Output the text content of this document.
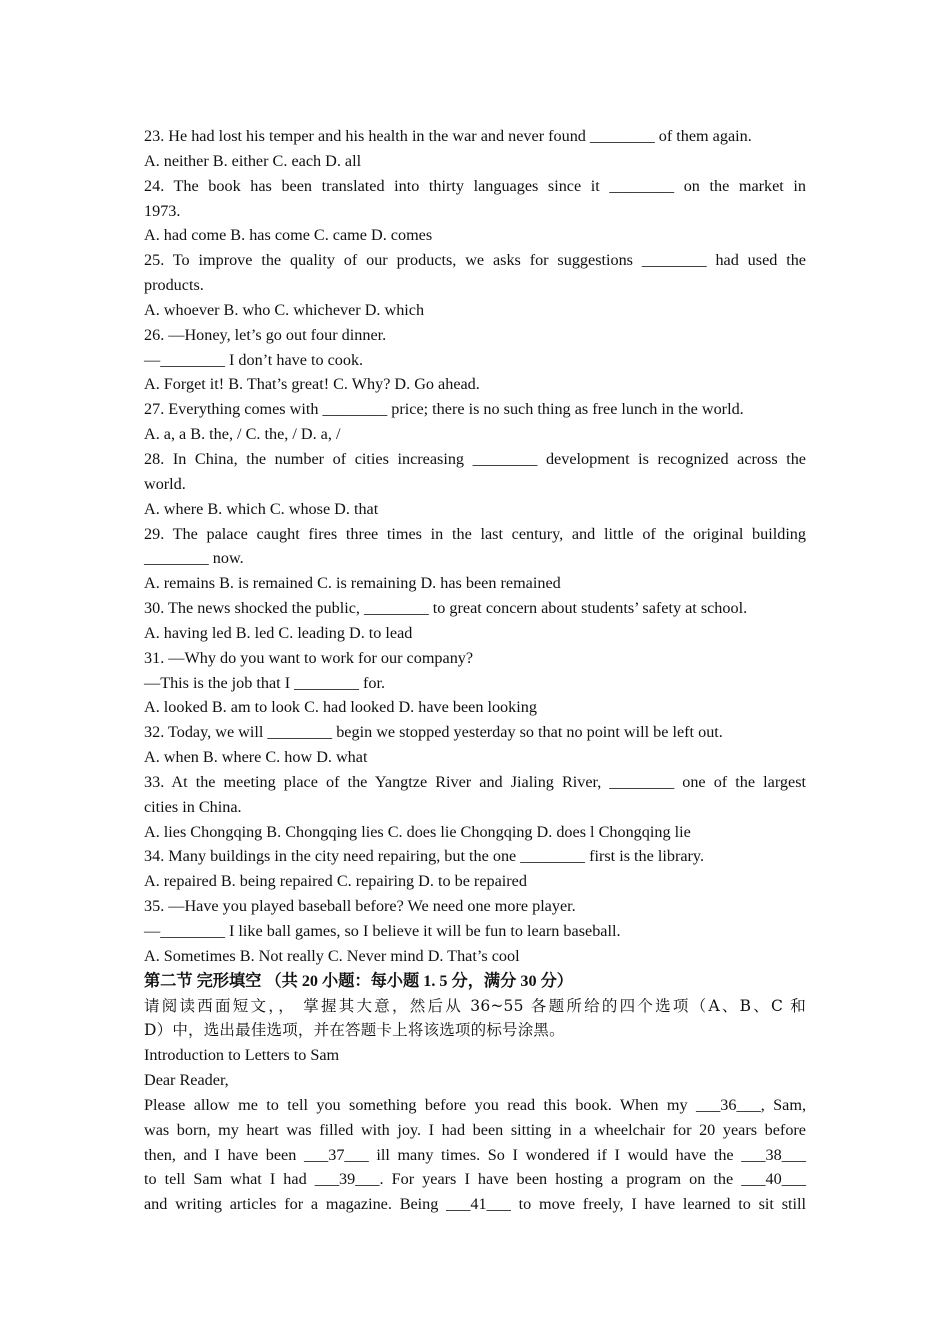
23. He had lost his temper and his health in the war and never found ________ of them again.
A. neither B. either C. each D. all
24. The book has been translated into thirty languages since it ________ on the market in
1973.
A. had come B. has come C. came D. comes
25. To improve the quality of our products, we asks for suggestions ________ had used the
products.
A. whoever B. who C. whichever D. which
26. —Honey, let’s go out four dinner.
—________ I don’t have to cook.
A. Forget it! B. That’s great! C. Why? D. Go ahead.
27. Everything comes with ________ price; there is no such thing as free lunch in the world.
A. a, a B. the, / C. the, / D. a, /
28. In China, the number of cities increasing ________ development is recognized across the
world.
A. where B. which C. whose D. that
29. The palace caught fires three times in the last century, and little of the original building
________ now.
A. remains B. is remained C. is remaining D. has been remained
30. The news shocked the public, ________ to great concern about students’ safety at school.
A. having led B. led C. leading D. to lead
31. —Why do you want to work for our company?
—This is the job that I ________ for.
A. looked B. am to look C. had looked D. have been looking
32. Today, we will ________ begin we stopped yesterday so that no point will be left out.
A. when B. where C. how D. what
33. At the meeting place of the Yangtze River and Jialing River, ________ one of the largest
cities in China.
A. lies Chongqing B. Chongqing lies C. does lie Chongqing D. does l Chongqing lie
34. Many buildings in the city need repairing, but the one ________ first is the library.
A. repaired B. being repaired C. repairing D. to be repaired
35. —Have you played baseball before? We need one more player.
—________ I like ball games, so I believe it will be fun to learn baseball.
A. Sometimes B. Not really C. Never mind D. That’s cool
第二节 完形填空 （共 20 小题：每小题 1. 5 分，满分 30 分）
请阅读西面短文，， 掌握其大意，然后从 36~55 各题所给的四个选项（A、B、C 和
D）中，选出最佳选项，并在答题卡上将该选项的标号涂黑。
Introduction to Letters to Sam
Dear Reader,
Please allow me to tell you something before you read this book. When my ___36___, Sam,
was born, my heart was filled with joy. I had been sitting in a wheelchair for 20 years before
then, and I have been ___37___ ill many times. So I wondered if I would have the ___38___
to tell Sam what I had ___39___. For years I have been hosting a program on the ___40___
and writing articles for a magazine. Being ___41___ to move freely, I have learned to sit still
